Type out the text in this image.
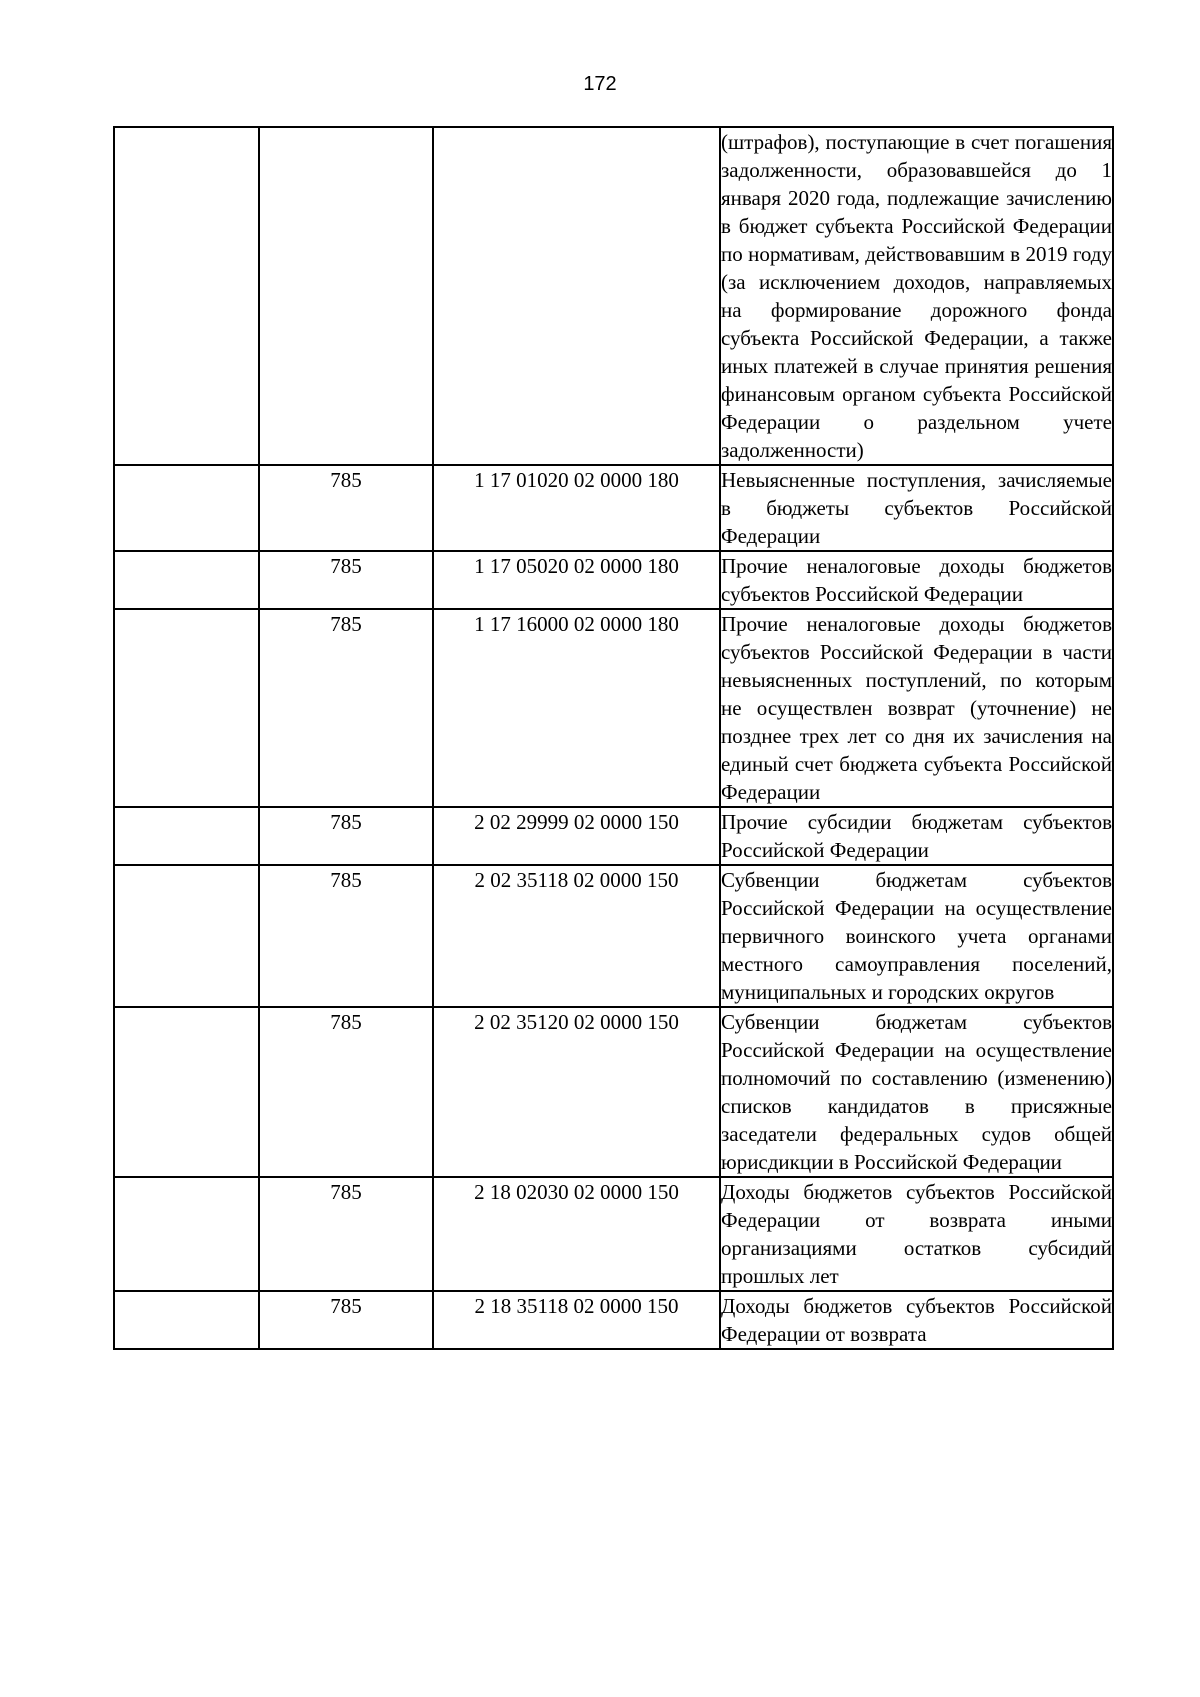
172
			(штрафов), поступающие в счет погашения задолженности, образовавшейся до 1 января 2020 года, подлежащие зачислению в бюджет субъекта Российской Федерации по нормативам, действовавшим в 2019 году (за исключением доходов, направляемых на формирование дорожного фонда субъекта Российской Федерации, а также иных платежей в случае принятия решения финансовым органом субъекта Российской Федерации о раздельном учете задолженности)
	785	1 17 01020 02 0000 180	Невыясненные поступления, зачисляемые в бюджеты субъектов Российской Федерации
	785	1 17 05020 02 0000 180	Прочие неналоговые доходы бюджетов субъектов Российской Федерации
	785	1 17 16000 02 0000 180	Прочие неналоговые доходы бюджетов субъектов Российской Федерации в части невыясненных поступлений, по которым не осуществлен возврат (уточнение) не позднее трех лет со дня их зачисления на единый счет бюджета субъекта Российской Федерации
	785	2 02 29999 02 0000 150	Прочие субсидии бюджетам субъектов Российской Федерации
	785	2 02 35118 02 0000 150	Субвенции бюджетам субъектов Российской Федерации на осуществление первичного воинского учета органами местного самоуправления поселений, муниципальных и городских округов
	785	2 02 35120 02 0000 150	Субвенции бюджетам субъектов Российской Федерации на осуществление полномочий по составлению (изменению) списков кандидатов в присяжные заседатели федеральных судов общей юрисдикции в Российской Федерации
	785	2 18 02030 02 0000 150	Доходы бюджетов субъектов Российской Федерации от возврата иными организациями остатков субсидий прошлых лет
	785	2 18 35118 02 0000 150	Доходы бюджетов субъектов Российской Федерации от возврата
